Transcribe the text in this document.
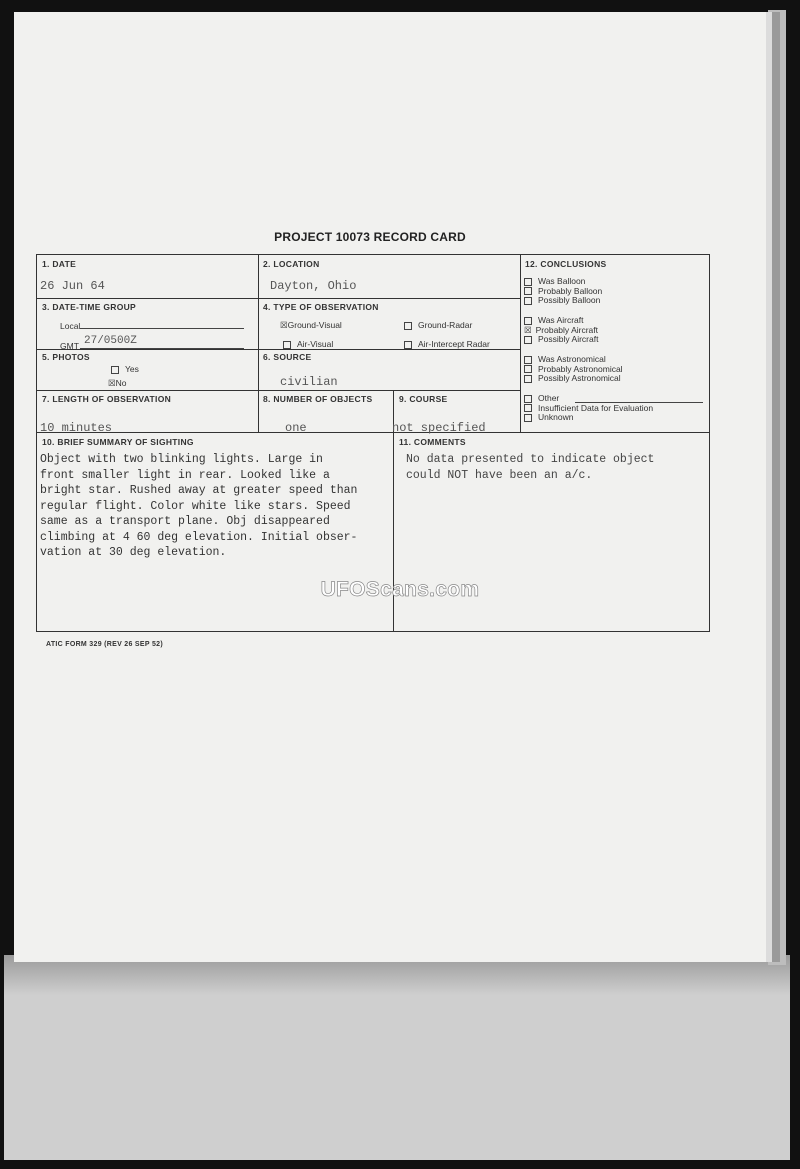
PROJECT 10073 RECORD CARD
1. DATE
26 Jun 64
2. LOCATION
Dayton, Ohio
3. DATE-TIME GROUP
Local
GMT 27/0500Z
4. TYPE OF OBSERVATION
☒Ground-Visual	Ground-Radar
Air-Visual	Air-Intercept Radar
5. PHOTOS
Yes
☒No
6. SOURCE
civilian
7. LENGTH OF OBSERVATION
10 minutes
8. NUMBER OF OBJECTS
one
9. COURSE
not specified
12. CONCLUSIONS
Was Balloon
Probably Balloon
Possibly Balloon
Was Aircraft
☒ Probably Aircraft
Possibly Aircraft
Was Astronomical
Probably Astronomical
Possibly Astronomical
Other
Insufficient Data for Evaluation
Unknown
10. BRIEF SUMMARY OF SIGHTING
Object with two blinking lights. Large in
front smaller light in rear. Looked like a
bright star. Rushed away at greater speed than
regular flight. Color white like stars. Speed
same as a transport plane. Obj disappeared
climbing at 4 60 deg elevation. Initial obser-
vation at 30 deg elevation.
11. COMMENTS
No data presented to indicate object
could NOT have been an a/c.
UFOScans.com
ATIC FORM 329 (REV 26 SEP 52)
